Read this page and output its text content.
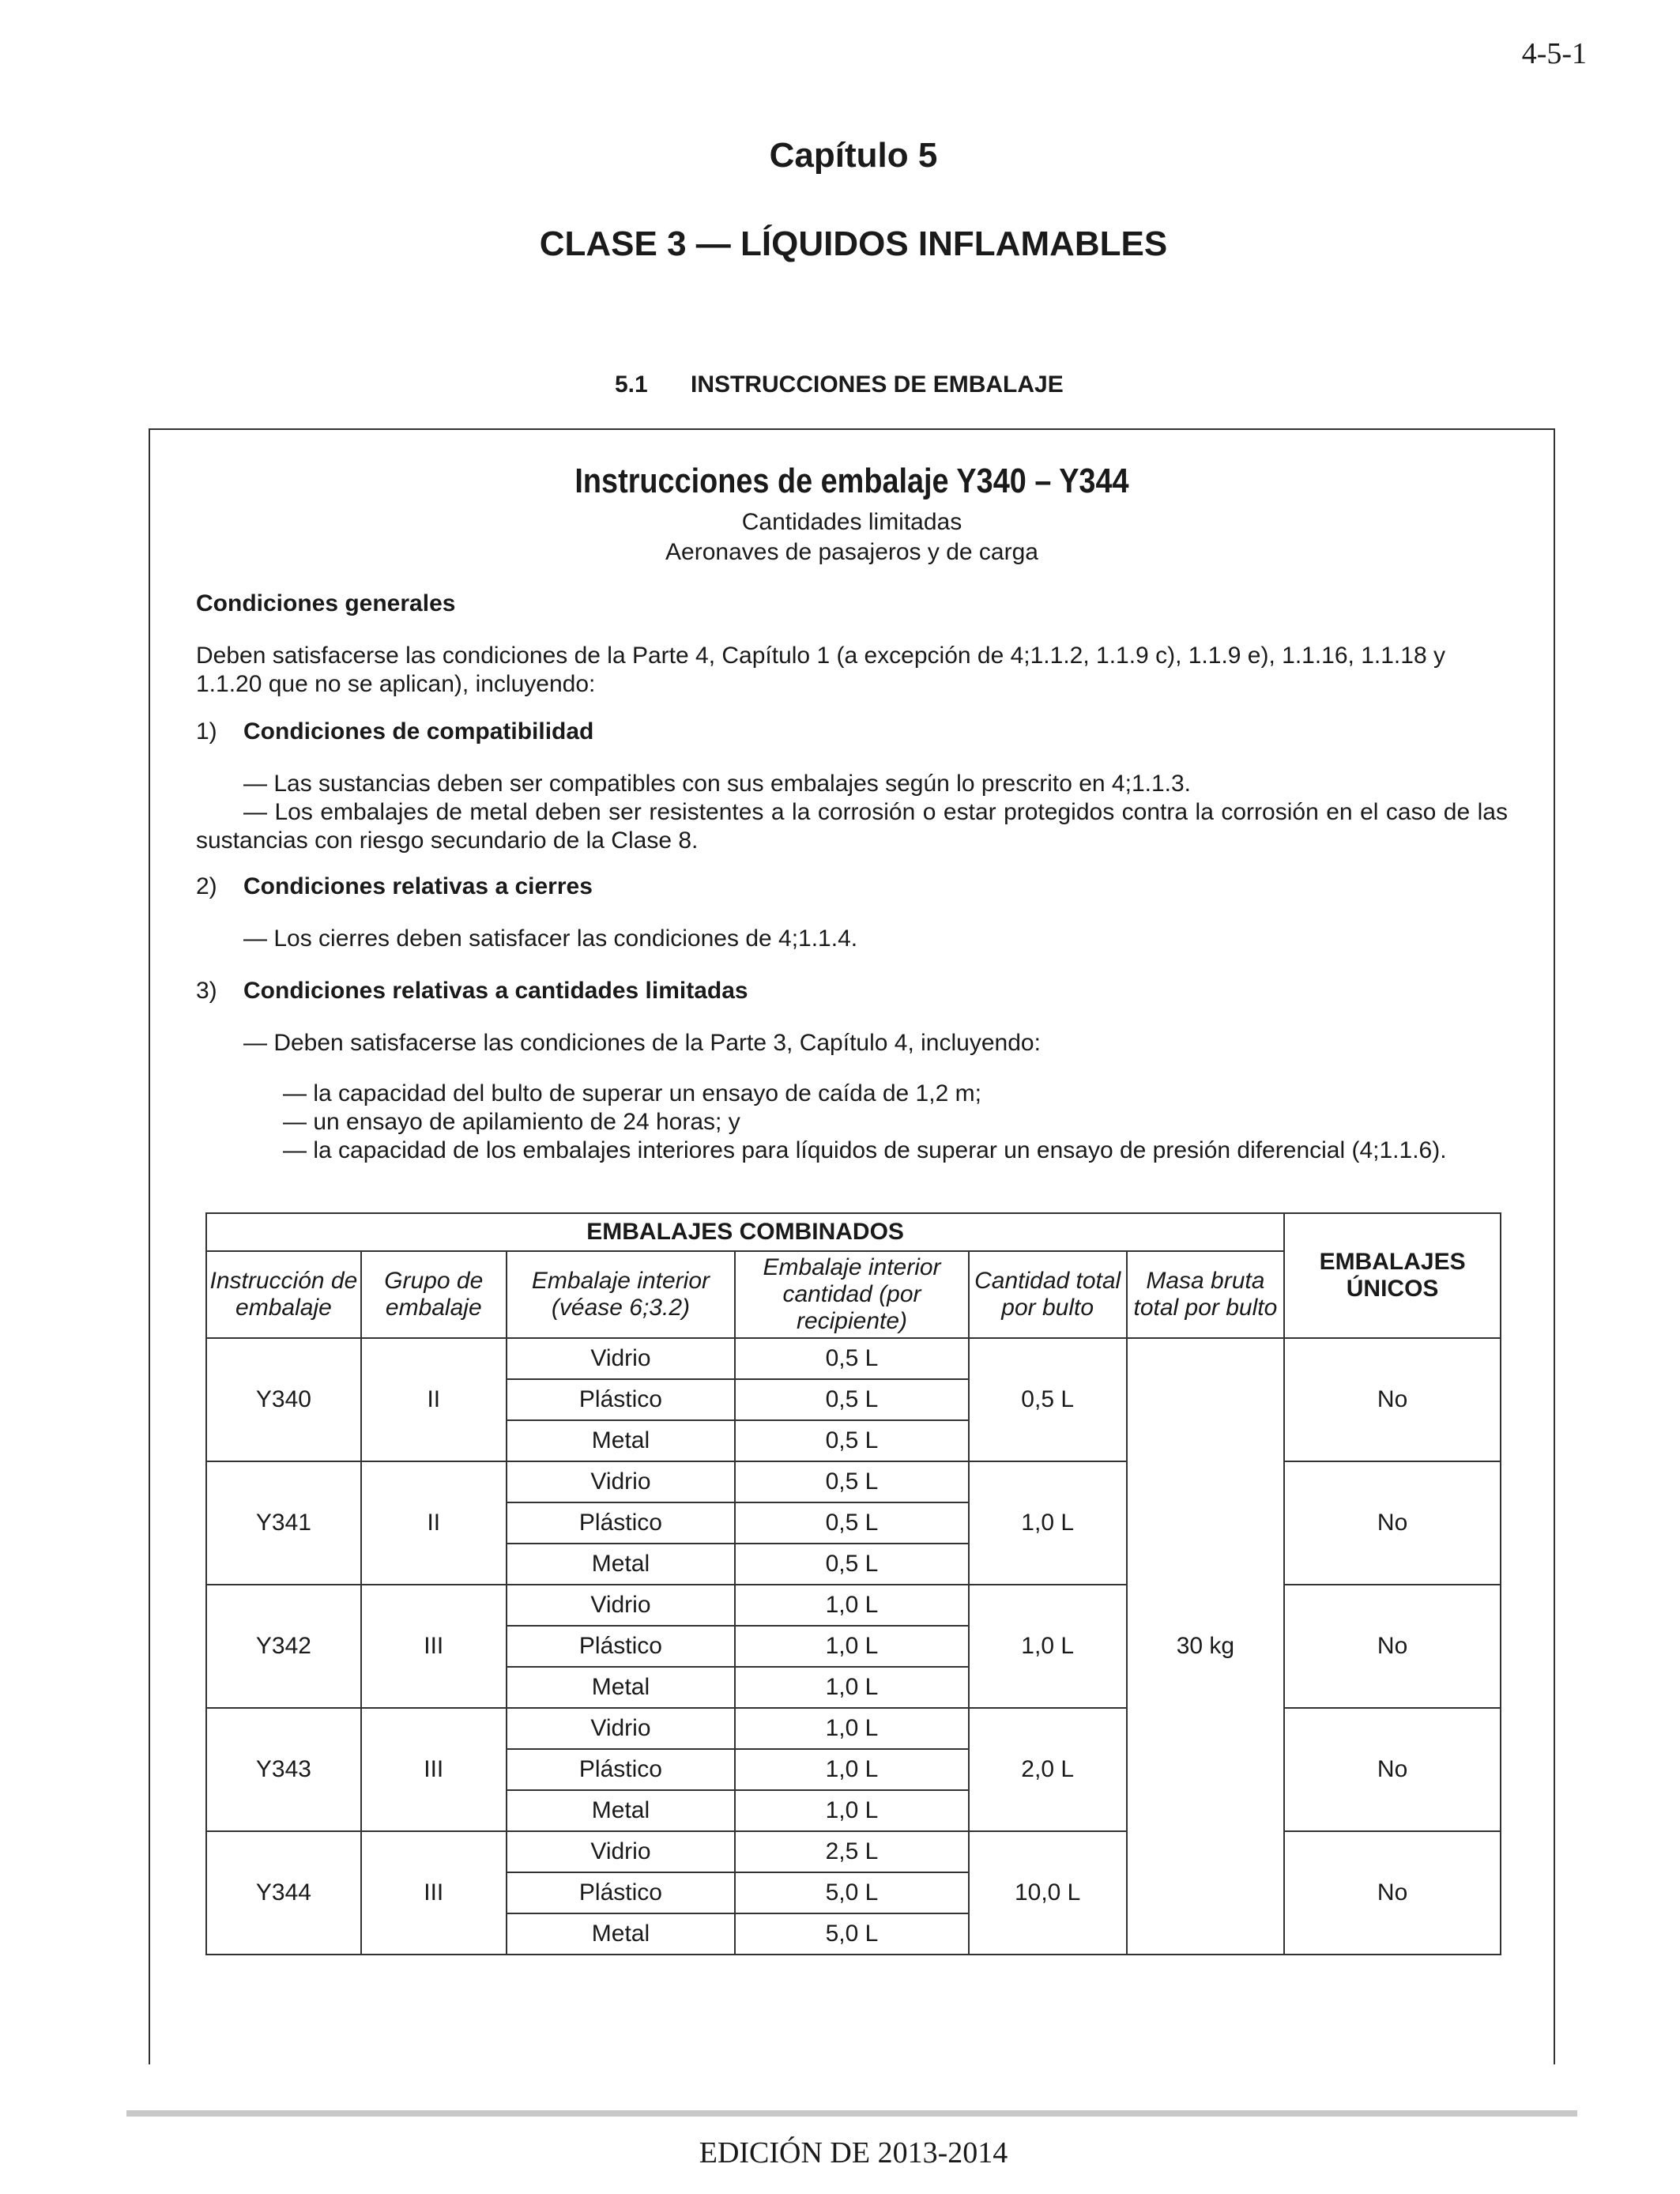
4-5-1
Capítulo 5
CLASE 3 — LÍQUIDOS INFLAMABLES
5.1 INSTRUCCIONES DE EMBALAJE
Instrucciones de embalaje Y340 – Y344
Cantidades limitadas
Aeronaves de pasajeros y de carga
Condiciones generales
Deben satisfacerse las condiciones de la Parte 4, Capítulo 1 (a excepción de 4;1.1.2, 1.1.9 c), 1.1.9 e), 1.1.16, 1.1.18 y 1.1.20 que no se aplican), incluyendo:
1) Condiciones de compatibilidad
— Las sustancias deben ser compatibles con sus embalajes según lo prescrito en 4;1.1.3.
— Los embalajes de metal deben ser resistentes a la corrosión o estar protegidos contra la corrosión en el caso de las sustancias con riesgo secundario de la Clase 8.
2) Condiciones relativas a cierres
— Los cierres deben satisfacer las condiciones de 4;1.1.4.
3) Condiciones relativas a cantidades limitadas
— Deben satisfacerse las condiciones de la Parte 3, Capítulo 4, incluyendo:
— la capacidad del bulto de superar un ensayo de caída de 1,2 m;
— un ensayo de apilamiento de 24 horas; y
— la capacidad de los embalajes interiores para líquidos de superar un ensayo de presión diferencial (4;1.1.6).
EMBALAJES COMBINADOS						EMBALAJES ÚNICOS
Instrucción de embalaje	Grupo de embalaje	Embalaje interior (véase 6;3.2)	Embalaje interior cantidad (por recipiente)	Cantidad total por bulto	Masa bruta total por bulto	
Y340	II	Vidrio	0,5 L	0,5 L	30 kg	No
		Plástico	0,5 L			
		Metal	0,5 L			
Y341	II	Vidrio	0,5 L	1,0 L		No
		Plástico	0,5 L			
		Metal	0,5 L			
Y342	III	Vidrio	1,0 L	1,0 L		No
		Plástico	1,0 L			
		Metal	1,0 L			
Y343	III	Vidrio	1,0 L	2,0 L		No
		Plástico	1,0 L			
		Metal	1,0 L			
Y344	III	Vidrio	2,5 L	10,0 L		No
		Plástico	5,0 L			
		Metal	5,0 L			
EDICIÓN DE 2013-2014
